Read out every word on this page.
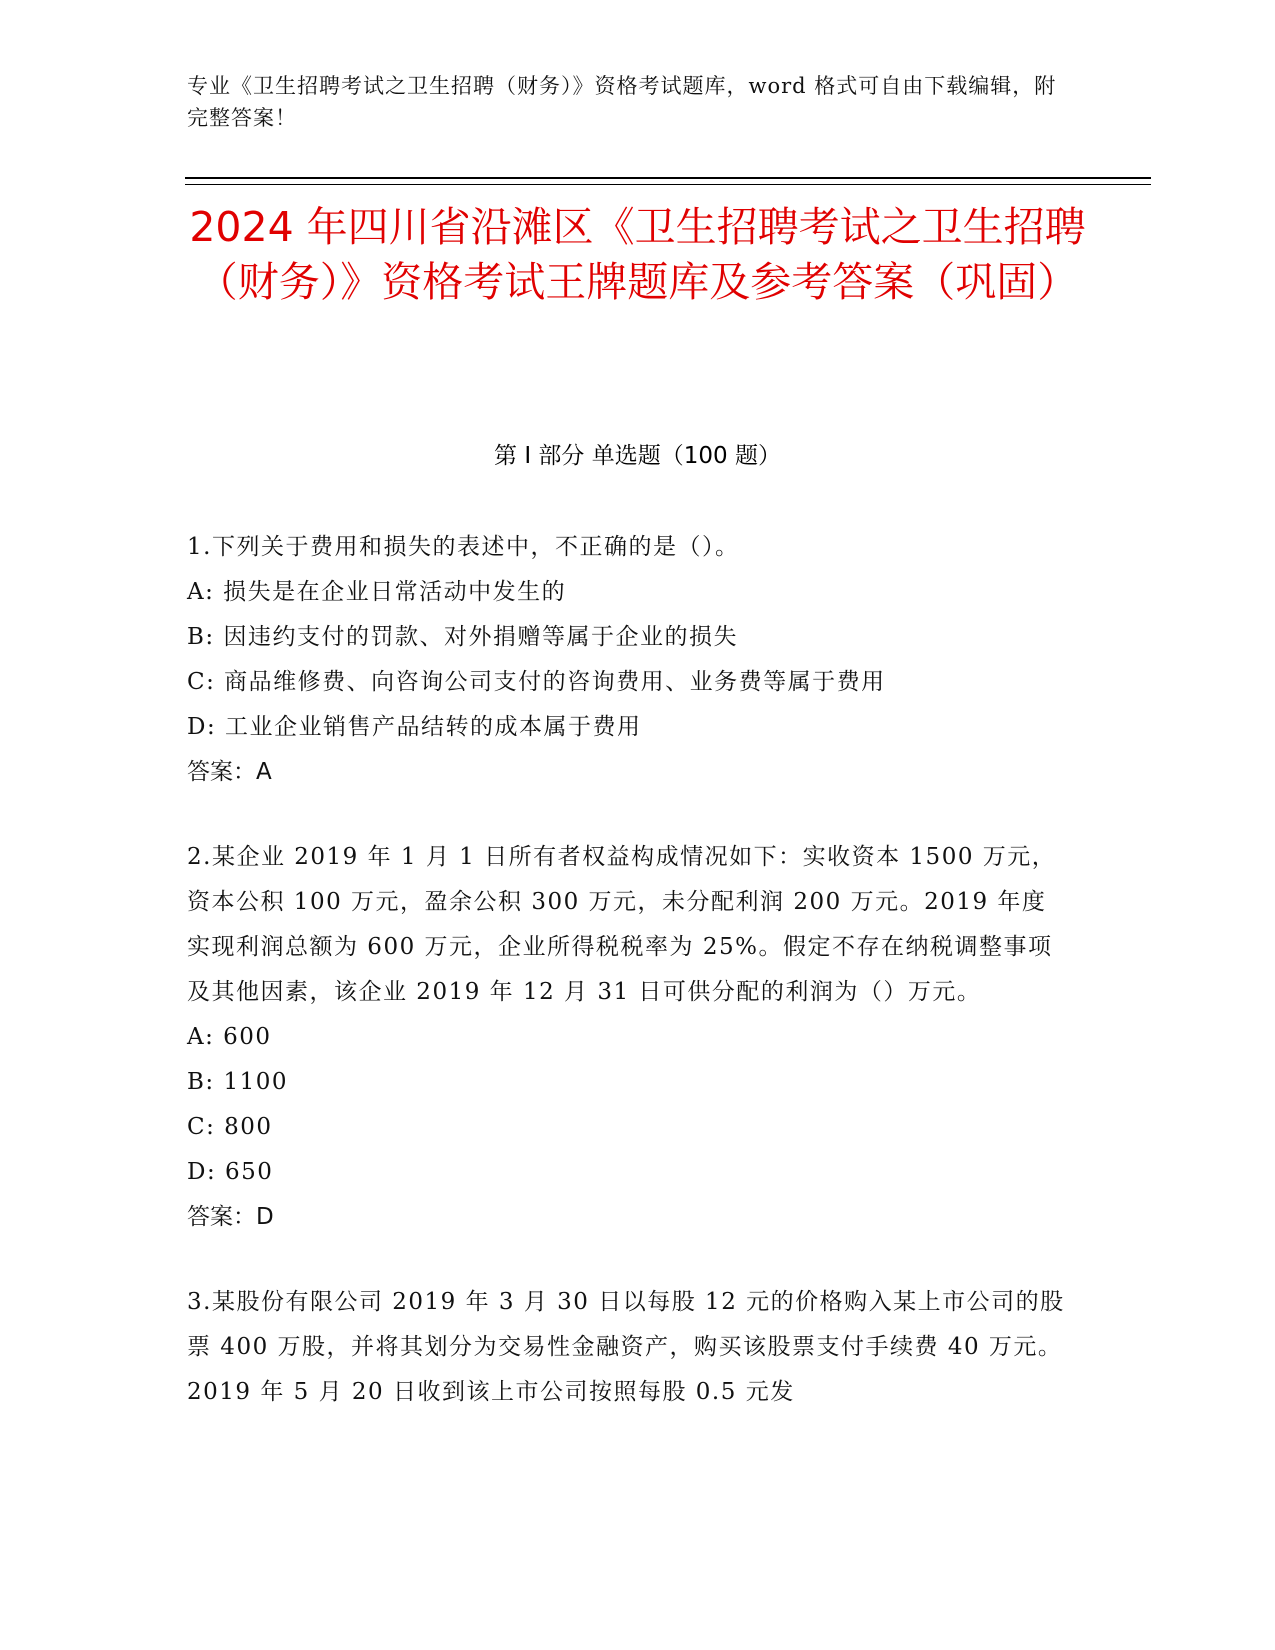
专业《卫生招聘考试之卫生招聘（财务）》资格考试题库，word 格式可自由下载编辑，附完整答案！
2024 年四川省沿滩区《卫生招聘考试之卫生招聘（财务）》资格考试王牌题库及参考答案（巩固）
第 I 部分 单选题（100 题）
1.下列关于费用和损失的表述中，不正确的是（）。
A: 损失是在企业日常活动中发生的
B: 因违约支付的罚款、对外捐赠等属于企业的损失
C: 商品维修费、向咨询公司支付的咨询费用、业务费等属于费用
D: 工业企业销售产品结转的成本属于费用
答案：A
2.某企业 2019 年 1 月 1 日所有者权益构成情况如下：实收资本 1500 万元，资本公积 100 万元，盈余公积 300 万元，未分配利润 200 万元。2019 年度实现利润总额为 600 万元，企业所得税税率为 25%。假定不存在纳税调整事项及其他因素，该企业 2019 年 12 月 31 日可供分配的利润为（）万元。
A: 600
B: 1100
C: 800
D: 650
答案：D
3.某股份有限公司 2019 年 3 月 30 日以每股 12 元的价格购入某上市公司的股票 400 万股，并将其划分为交易性金融资产，购买该股票支付手续费 40 万元。2019 年 5 月 20 日收到该上市公司按照每股 0.5 元发
